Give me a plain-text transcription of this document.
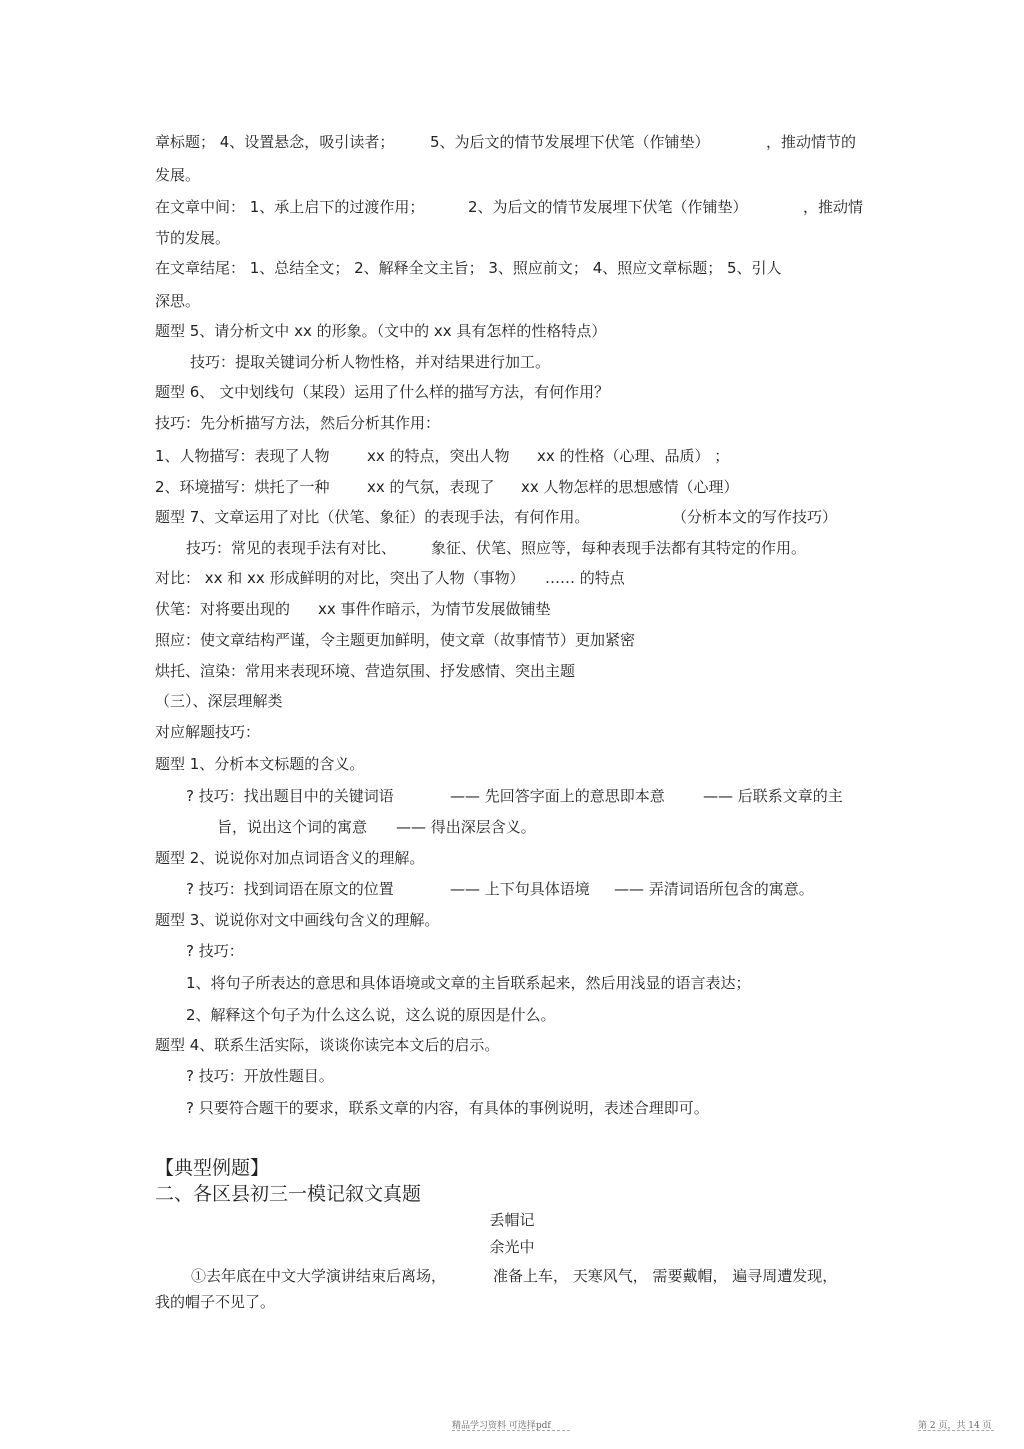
章标题； 4、设置悬念，吸引读者； 5、为后文的情节发展埋下伏笔（作铺垫）	，推动情节的
发展。
在文章中间： 1、承上启下的过渡作用；	2、为后文的情节发展埋下伏笔（作铺垫）	，推动情
节的发展。
在文章结尾： 1、总结全文； 2、解释全文主旨； 3、照应前文； 4、照应文章标题； 5、引人
深思。
题型 5、请分析文中 xx 的形象。（文中的 xx 具有怎样的性格特点）
技巧：提取关键词分析人物性格，并对结果进行加工。
题型 6、 文中划线句（某段）运用了什么样的描写方法，有何作用？
技巧：先分析描写方法，然后分析其作用：
1、人物描写：表现了人物 xx 的特点，突出人物 xx 的性格（心理、品质） ；
2、环境描写：烘托了一种 xx 的气氛，表现了 xx 人物怎样的思想感情（心理）
题型 7、文章运用了对比（伏笔、象征）的表现手法，有何作用。	（分析本文的写作技巧）
技巧：常见的表现手法有对比、 象征、伏笔、照应等，每种表现手法都有其特定的作用。
对比： xx 和 xx 形成鲜明的对比，突出了人物（事物） …… 的特点
伏笔：对将要出现的 xx 事件作暗示，为情节发展做铺垫
照应：使文章结构严谨，令主题更加鲜明，使文章（故事情节）更加紧密
烘托、渲染：常用来表现环境、营造氛围、抒发感情、突出主题
（三）、深层理解类
对应解题技巧：
题型 1、分析本文标题的含义。
? 技巧：找出题目中的关键词语	—— 先回答字面上的意思即本意	—— 后联系文章的主
旨，说出这个词的寓意 —— 得出深层含义。
题型 2、说说你对加点词语含义的理解。
? 技巧：找到词语在原文的位置	—— 上下句具体语境 —— 弄清词语所包含的寓意。
题型 3、说说你对文中画线句含义的理解。
? 技巧：
1、将句子所表达的意思和具体语境或文章的主旨联系起来，然后用浅显的语言表达；
2、解释这个句子为什么这么说，这么说的原因是什么。
题型 4、联系生活实际，谈谈你读完本文后的启示。
? 技巧：开放性题目。
? 只要符合题干的要求，联系文章的内容，有具体的事例说明，表述合理即可。
【典型例题】
二、各区县初三一模记叙文真题
丢帽记
余光中
①去年底在中文大学演讲结束后离场，	准备上车， 天寒风气， 需要戴帽， 遍寻周遭发现，
我的帽子不见了。
精品学习资料 可选择pdf	第 2 页，共 14 页
